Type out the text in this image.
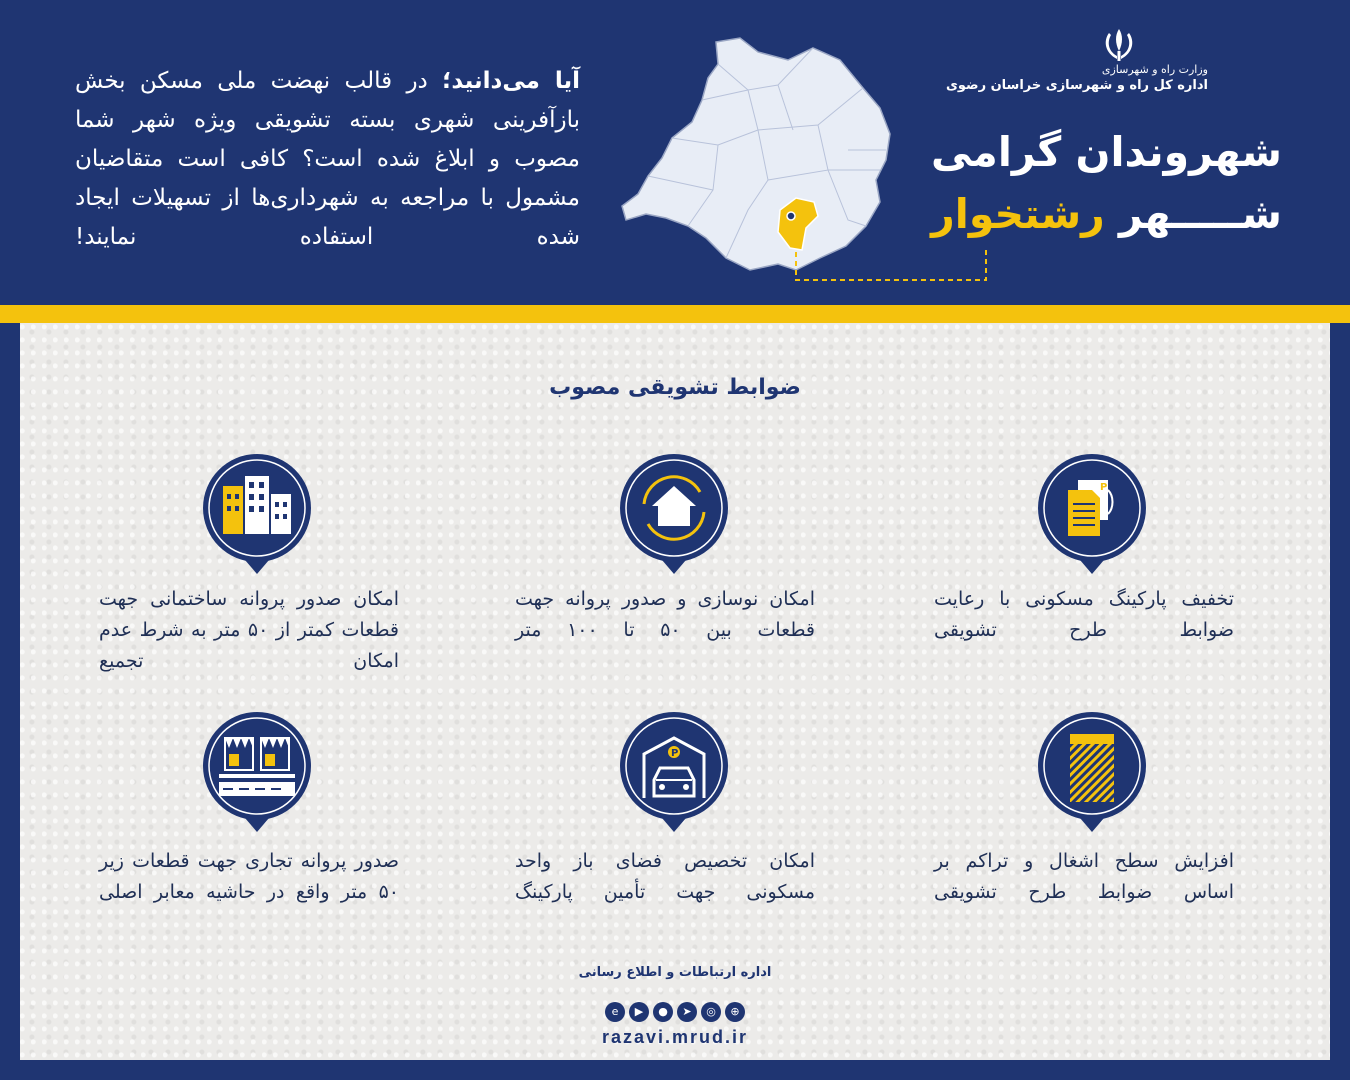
آیا می‌دانید؛ در قالب نهضت ملی مسکن بخش بازآفرینی شهری بسته تشویقی ویژه شهر شما مصوب و ابلاغ شده است؟ کافی است متقاضیان مشمول با مراجعه به شهرداری‌ها از تسهیلات ایجاد شده استفاده نمایند!
وزارت راه و شهرسازی
اداره کل راه و شهرسازی خراسان رضوی
شهروندان گرامی
شـــــهر رشتخوار
ضوابط تشویقی مصوب
P
P
تخفیف پارکینگ مسکونی با رعایت ضوابط طرح تشویقی
امکان نوسازی و صدور پروانه جهت قطعات بین ۵۰ تا ۱۰۰ متر
امکان صدور پروانه ساختمانی جهت قطعات کمتر از ۵۰ متر به شرط عدم امکان تجمیع
افزایش سطح اشغال و تراکم بر اساس ضوابط طرح تشویقی
امکان تخصیص فضای باز واحد مسکونی جهت تأمین پارکینگ
صدور پروانه تجاری جهت قطعات زیر ۵۰ متر واقع در حاشیه معابر اصلی
اداره ارتباطات و اطلاع رسانی
e	▶	●	➤	◎	⊕
razavi.mrud.ir
